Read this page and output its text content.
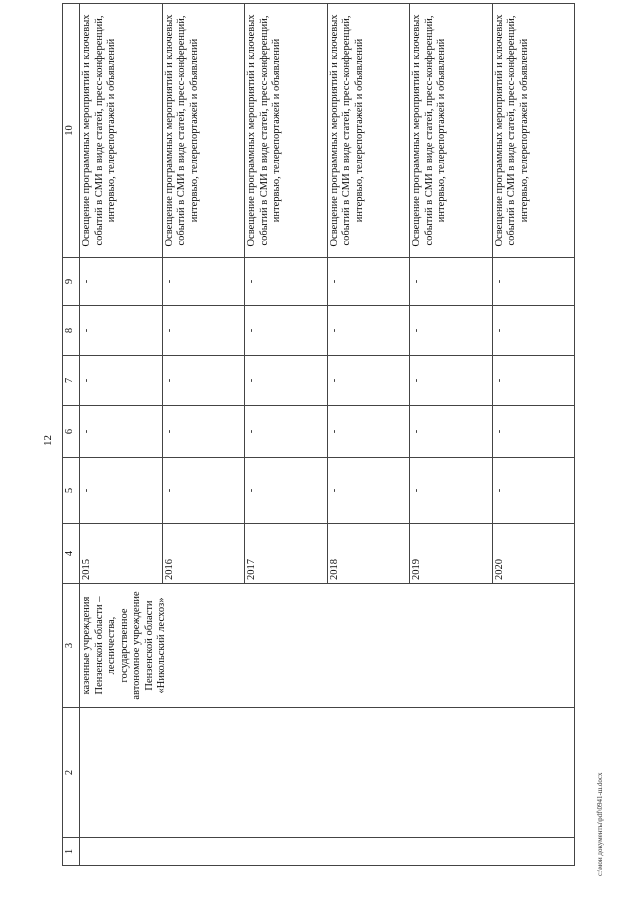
12
1	2	3	4	5	6	7	8	9	10
		казенные учреждения Пензенской области – лесничества, государственное автономное учреждение Пензенской области «Никольский лесхоз»	2015	-	-	-	-	-	Освещение программных мероприятий и ключевых событий в СМИ в виде статей, пресс-конференций, интервью, телерепортажей и объявлений
			2016	-	-	-	-	-	Освещение программных мероприятий и ключевых событий в СМИ в виде статей, пресс-конференций, интервью, телерепортажей и объявлений
			2017	-	-	-	-	-	Освещение программных мероприятий и ключевых событий в СМИ в виде статей, пресс-конференций, интервью, телерепортажей и объявлений
			2018	-	-	-	-	-	Освещение программных мероприятий и ключевых событий в СМИ в виде статей, пресс-конференций, интервью, телерепортажей и объявлений
			2019	-	-	-	-	-	Освещение программных мероприятий и ключевых событий в СМИ в виде статей, пресс-конференций, интервью, телерепортажей и объявлений
			2020	-	-	-	-	-	Освещение программных мероприятий и ключевых событий в СМИ в виде статей, пресс-конференций, интервью, телерепортажей и объявлений
c:\мои документы\pdf\0941-ш.docx
